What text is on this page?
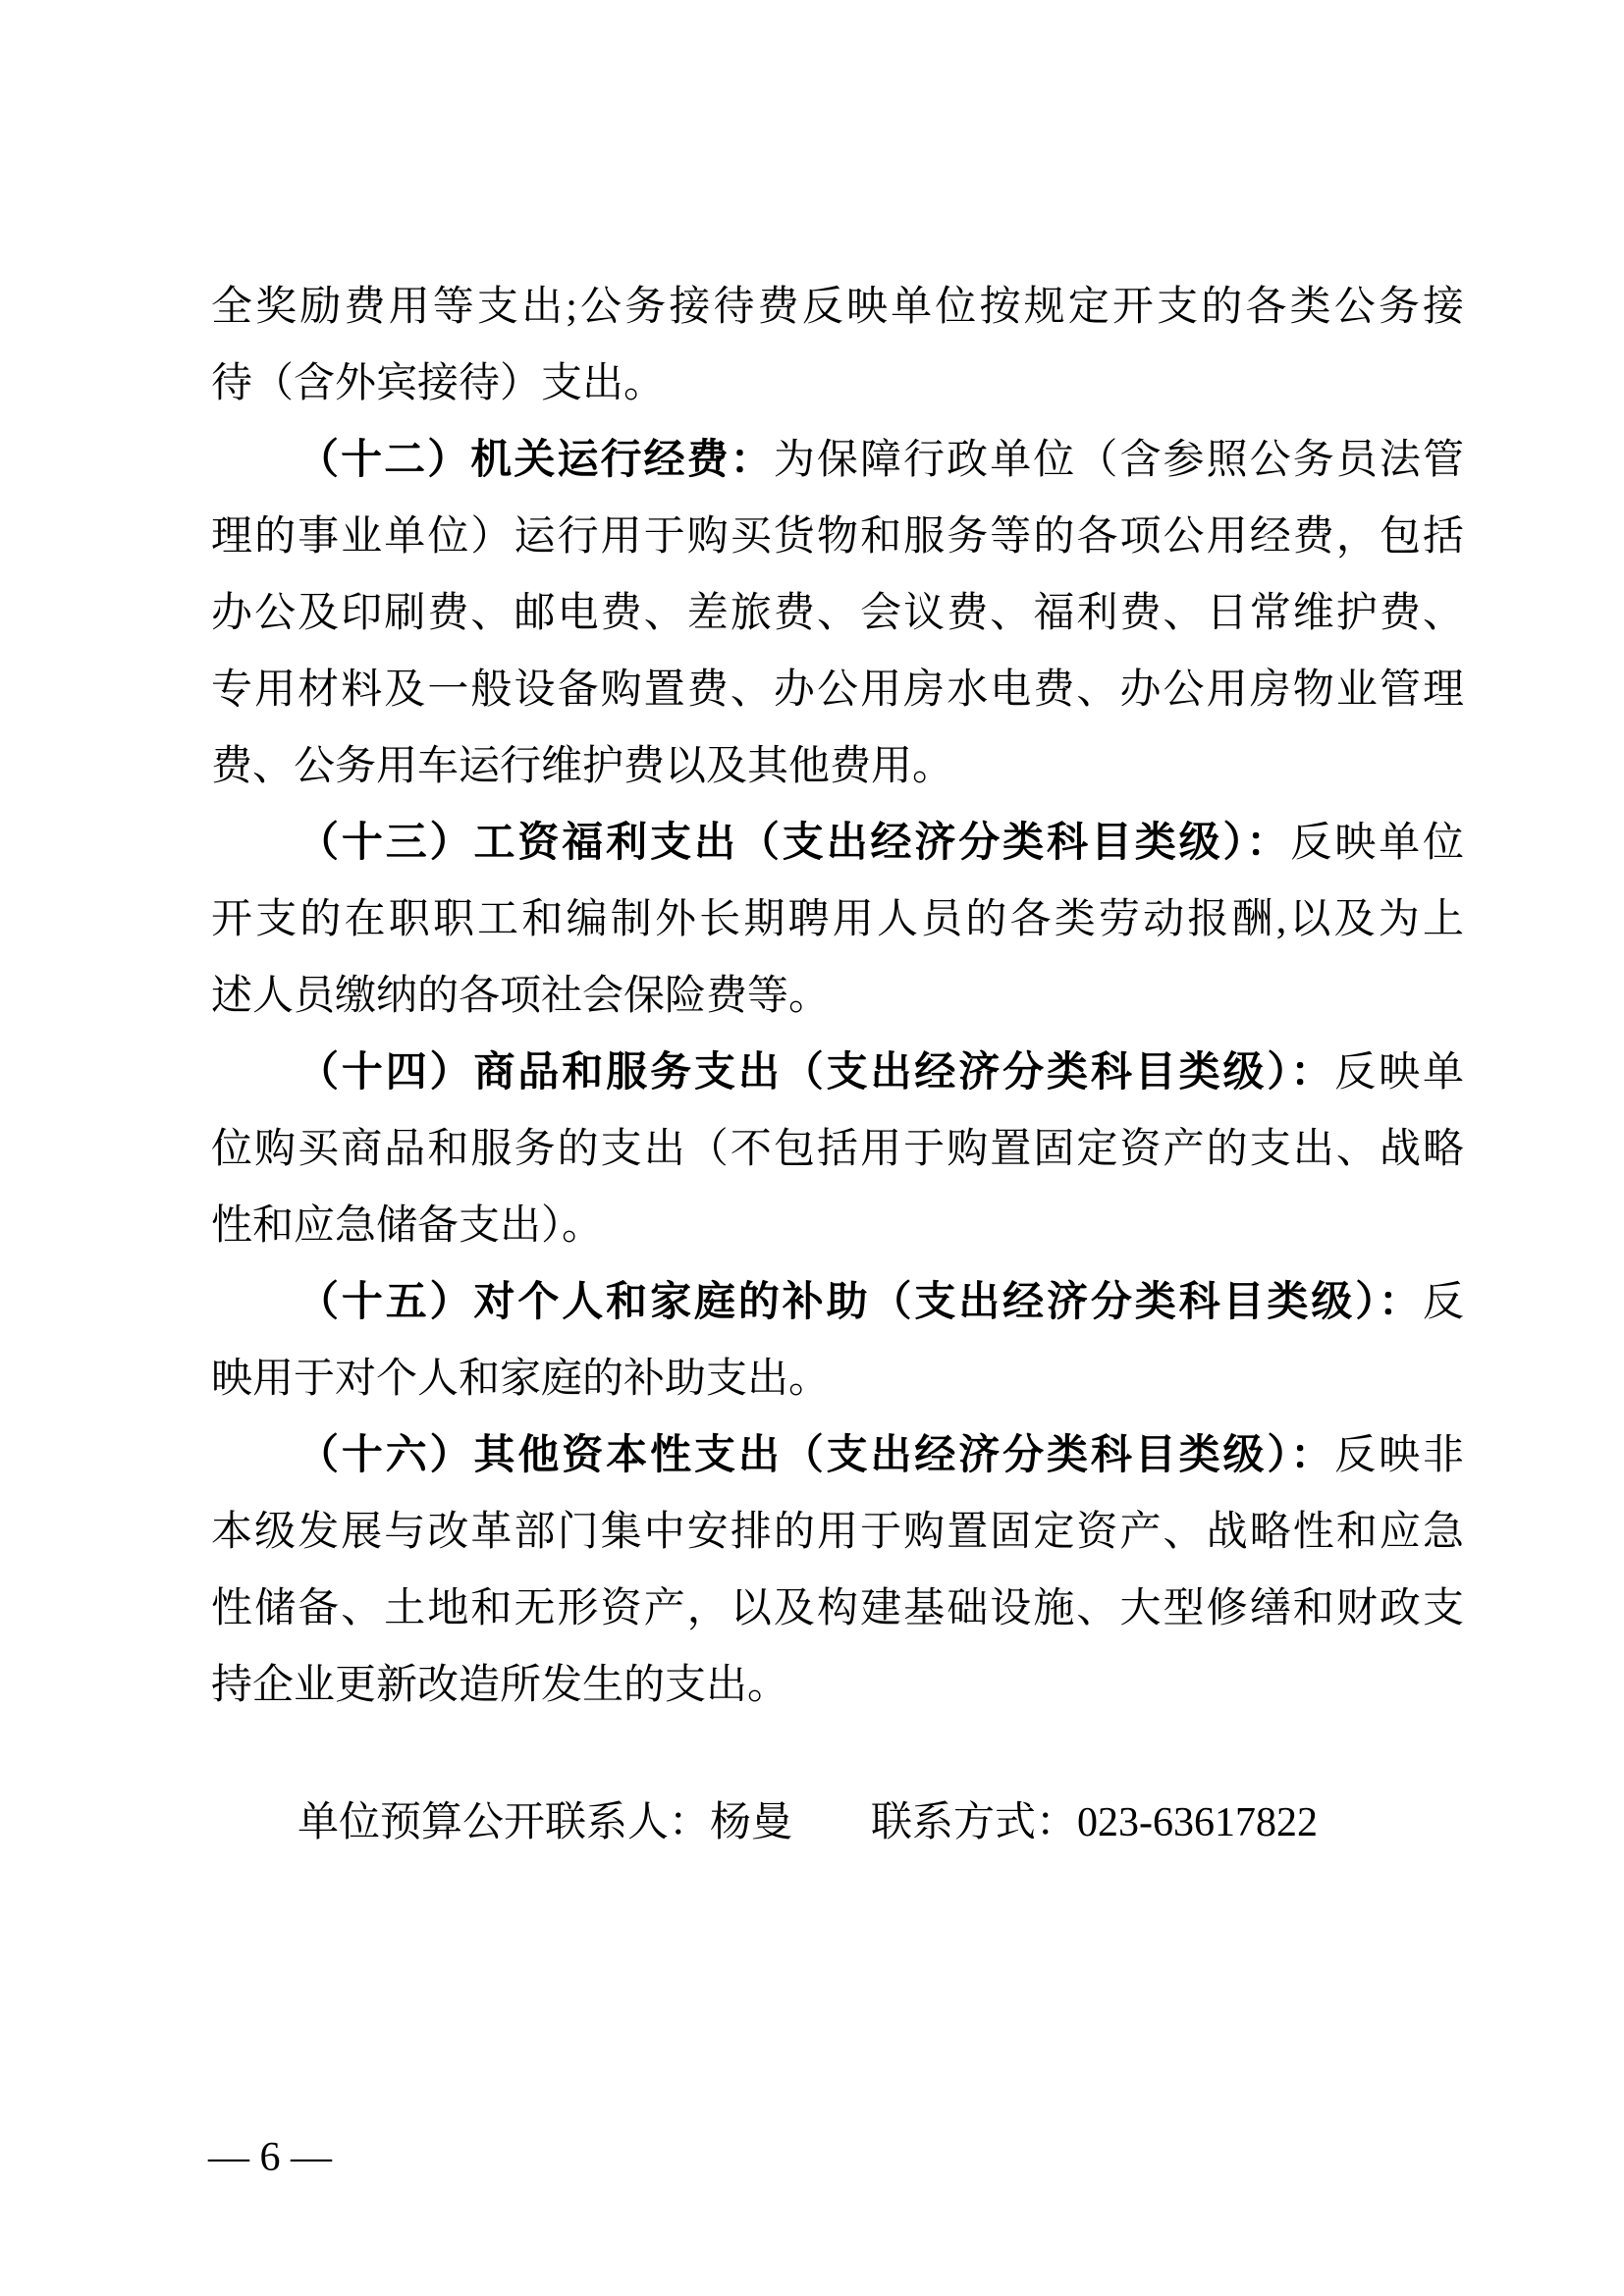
全奖励费用等支出;公务接待费反映单位按规定开支的各类公务接
待（含外宾接待）支出。
（十二）机关运行经费：为保障行政单位（含参照公务员法管
理的事业单位）运行用于购买货物和服务等的各项公用经费，包括
办公及印刷费、邮电费、差旅费、会议费、福利费、日常维护费、
专用材料及一般设备购置费、办公用房水电费、办公用房物业管理
费、公务用车运行维护费以及其他费用。
（十三）工资福利支出（支出经济分类科目类级）：反映单位
开支的在职职工和编制外长期聘用人员的各类劳动报酬,以及为上
述人员缴纳的各项社会保险费等。
（十四）商品和服务支出（支出经济分类科目类级）：反映单
位购买商品和服务的支出（不包括用于购置固定资产的支出、战略
性和应急储备支出）。
（十五）对个人和家庭的补助（支出经济分类科目类级）：反
映用于对个人和家庭的补助支出。
（十六）其他资本性支出（支出经济分类科目类级）：反映非
本级发展与改革部门集中安排的用于购置固定资产、战略性和应急
性储备、土地和无形资产，以及构建基础设施、大型修缮和财政支
持企业更新改造所发生的支出。
单位预算公开联系人：杨曼 联系方式：023-63617822
— 6 —
